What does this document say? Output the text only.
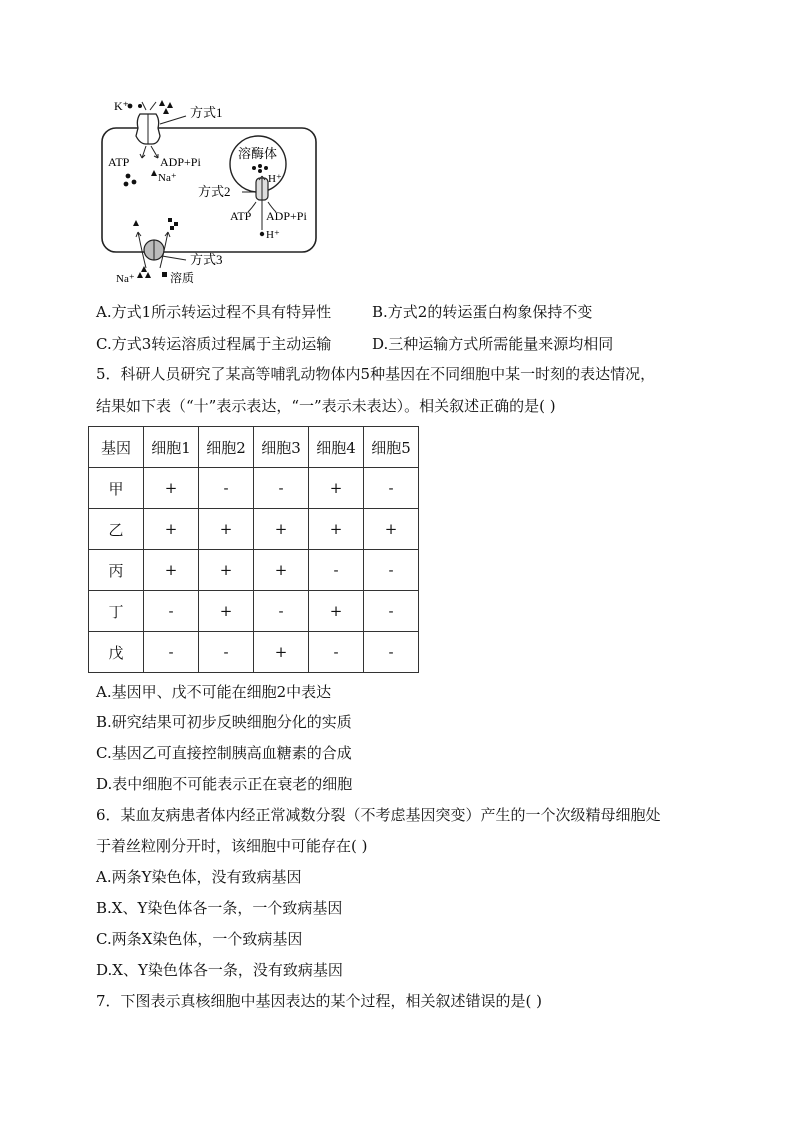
K⁺	方式1
ATP	ADP+Pi
Na⁺
溶酶体
H⁺
方式2
ATP ADP+Pi
H⁺
方式3
Na⁺	溶质
A.方式1所示转运过程不具有特异性	B.方式2的转运蛋白构象保持不变
C.方式3转运溶质过程属于主动运输	D.三种运输方式所需能量来源均相同
5．科研人员研究了某高等哺乳动物体内5种基因在不同细胞中某一时刻的表达情况，
结果如下表（“十”表示表达，“一”表示未表达）。相关叙述正确的是( )
基因	细胞1	细胞2	细胞3	细胞4	细胞5
甲	+	-	-	+	-
乙	+	+	+	+	+
丙	+	+	+	-	-
丁	-	+	-	+	-
戊	-	-	+	-	-
A.基因甲、戊不可能在细胞2中表达
B.研究结果可初步反映细胞分化的实质
C.基因乙可直接控制胰高血糖素的合成
D.表中细胞不可能表示正在衰老的细胞
6．某血友病患者体内经正常减数分裂（不考虑基因突变）产生的一个次级精母细胞处
于着丝粒刚分开时，该细胞中可能存在( )
A.两条Y染色体，没有致病基因
B.X、Y染色体各一条，一个致病基因
C.两条X染色体，一个致病基因
D.X、Y染色体各一条，没有致病基因
7．下图表示真核细胞中基因表达的某个过程，相关叙述错误的是( )
